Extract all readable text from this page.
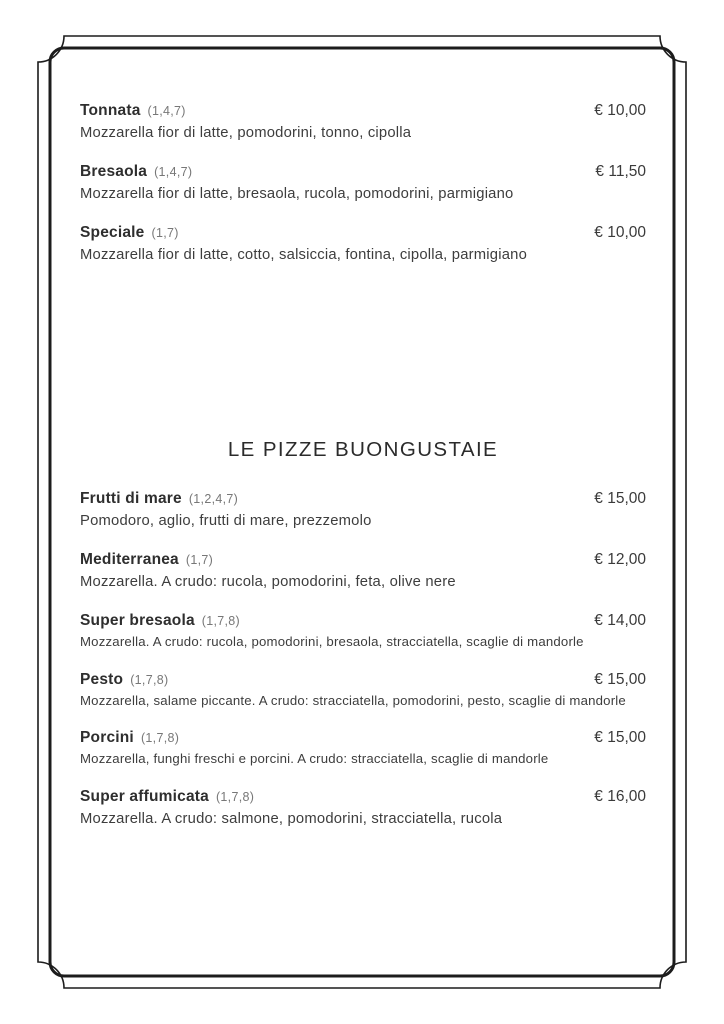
Tonnata (1,4,7)	€ 10,00
Mozzarella fior di latte, pomodorini, tonno, cipolla
Bresaola (1,4,7)	€ 11,50
Mozzarella fior di latte, bresaola, rucola, pomodorini, parmigiano
Speciale (1,7)	€ 10,00
Mozzarella fior di latte, cotto, salsiccia, fontina, cipolla, parmigiano
LE PIZZE BUONGUSTAIE
Frutti di mare (1,2,4,7)	€ 15,00
Pomodoro, aglio, frutti di mare, prezzemolo
Mediterranea (1,7)	€ 12,00
Mozzarella. A crudo: rucola, pomodorini, feta, olive nere
Super bresaola (1,7,8)	€ 14,00
Mozzarella. A crudo: rucola, pomodorini, bresaola, stracciatella, scaglie di mandorle
Pesto (1,7,8)	€ 15,00
Mozzarella, salame piccante. A crudo: stracciatella, pomodorini, pesto, scaglie di mandorle
Porcini (1,7,8)	€ 15,00
Mozzarella, funghi freschi e porcini. A crudo: stracciatella, scaglie di mandorle
Super affumicata (1,7,8)	€ 16,00
Mozzarella. A crudo: salmone, pomodorini, stracciatella, rucola
